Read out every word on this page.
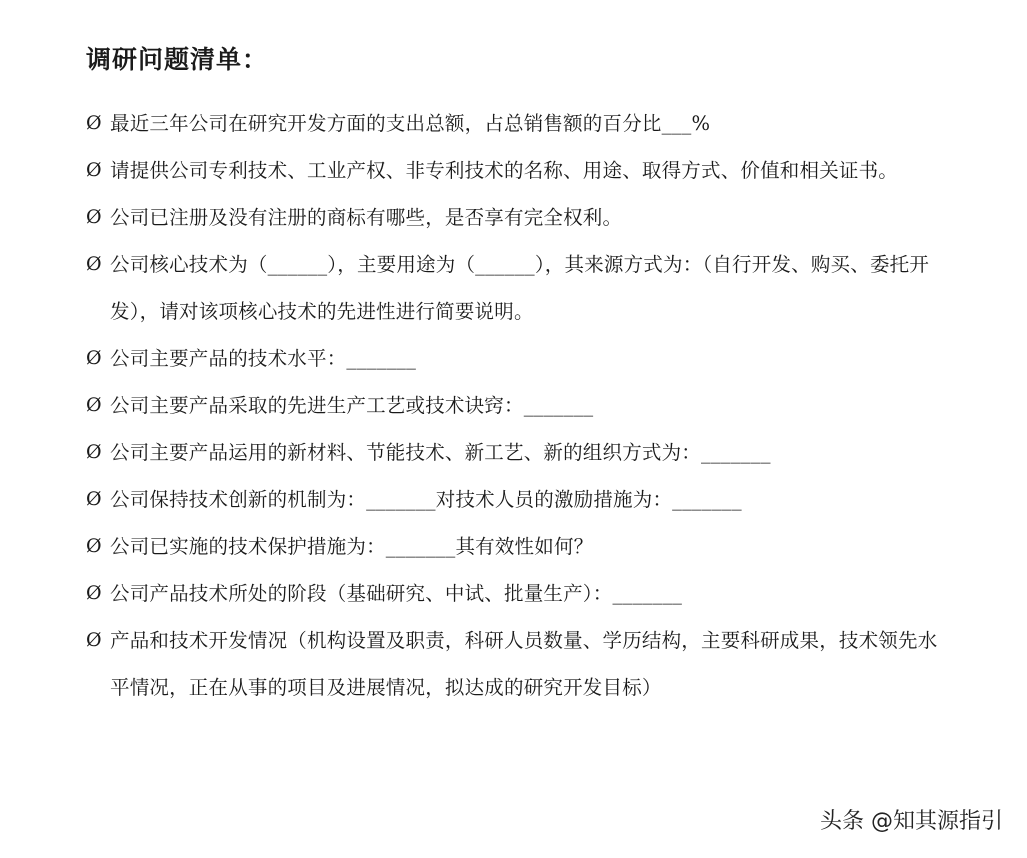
调研问题清单：
Ø 最近三年公司在研究开发方面的支出总额，占总销售额的百分比___%
Ø 请提供公司专利技术、工业产权、非专利技术的名称、用途、取得方式、价值和相关证书。
Ø 公司已注册及没有注册的商标有哪些，是否享有完全权利。
Ø 公司核心技术为（______），主要用途为（______），其来源方式为：（自行开发、购买、委托开发），请对该项核心技术的先进性进行简要说明。
Ø 公司主要产品的技术水平：_______
Ø 公司主要产品采取的先进生产工艺或技术诀窍：_______
Ø 公司主要产品运用的新材料、节能技术、新工艺、新的组织方式为：_______
Ø 公司保持技术创新的机制为：_______对技术人员的激励措施为：_______
Ø 公司已实施的技术保护措施为：_______其有效性如何？
Ø 公司产品技术所处的阶段（基础研究、中试、批量生产）：_______
Ø 产品和技术开发情况（机构设置及职责，科研人员数量、学历结构，主要科研成果，技术领先水平情况，正在从事的项目及进展情况，拟达成的研究开发目标）
头条 @知其源指引
